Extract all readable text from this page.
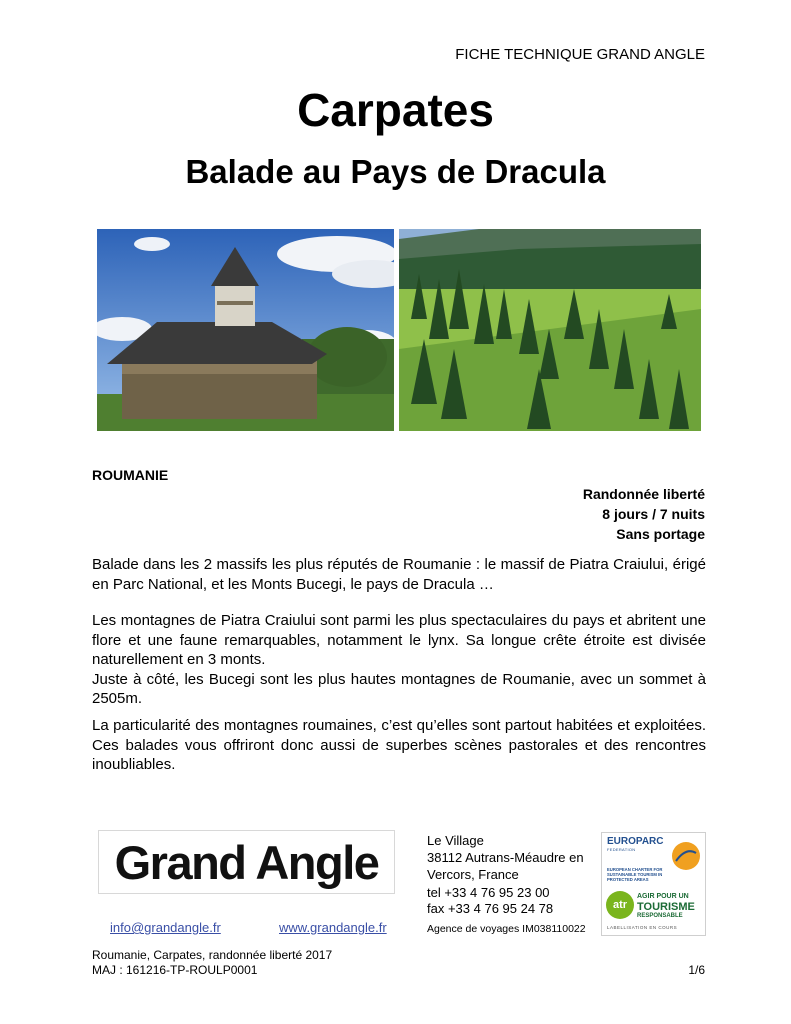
FICHE TECHNIQUE GRAND ANGLE
Carpates
Balade au Pays de Dracula
ROUMANIE
Randonnée liberté
8 jours / 7 nuits
Sans portage
Balade dans les 2 massifs les plus réputés de Roumanie : le massif de Piatra Craiului, érigé en Parc National, et les Monts Bucegi, le pays de Dracula …
Les montagnes de Piatra Craiului sont parmi les plus spectaculaires du pays et abritent une flore et une faune remarquables, notamment le lynx. Sa longue crête étroite est divisée naturellement en 3 monts.
Juste à côté, les Bucegi sont les plus hautes montagnes de Roumanie, avec un sommet à 2505m.
La particularité des montagnes roumaines, c’est qu’elles sont partout habitées et exploitées. Ces balades vous offriront donc aussi de superbes scènes pastorales et des rencontres inoubliables.
Grand Angle
info@grandangle.fr	www.grandangle.fr
Le Village
38112 Autrans-Méaudre en
Vercors, France
tel +33 4 76 95 23 00
fax +33 4 76 95 24 78
Agence de voyages IM038110022
EUROPARC
FEDERATION
EUROPEAN CHARTER FOR SUSTAINABLE TOURISM IN PROTECTED AREAS
atr
AGIR POUR UN
TOURISME
RESPONSABLE
LABELLISATION EN COURS
Roumanie, Carpates, randonnée liberté 2017
MAJ : 161216-TP-ROULP0001	1/6
